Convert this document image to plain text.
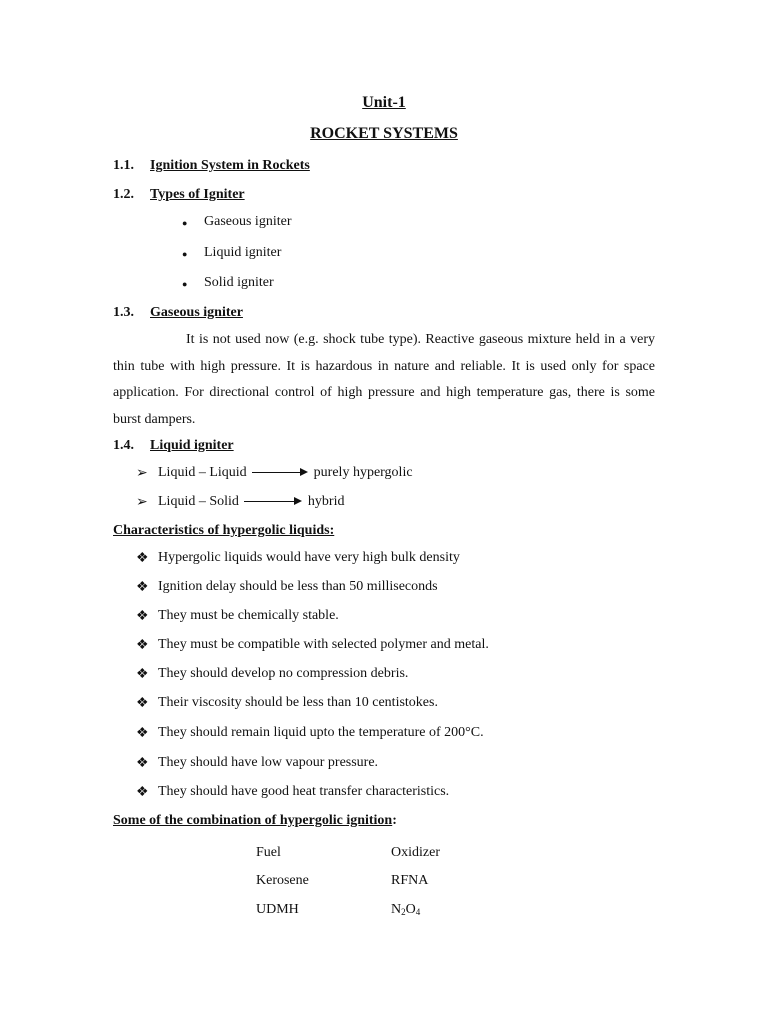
Unit-1
ROCKET SYSTEMS
1.1. Ignition System in Rockets
1.2. Types of Igniter
● Gaseous igniter
● Liquid igniter
● Solid igniter
1.3. Gaseous igniter
It is not used now (e.g. shock tube type). Reactive gaseous mixture held in a very thin tube with high pressure. It is hazardous in nature and reliable. It is used only for space application. For directional control of high pressure and high temperature gas, there is some burst dampers.
1.4. Liquid igniter
➢ Liquid – Liquid	purely hypergolic
➢ Liquid – Solid	hybrid
Characteristics of hypergolic liquids:
❖ Hypergolic liquids would have very high bulk density
❖ Ignition delay should be less than 50 milliseconds
❖ They must be chemically stable.
❖ They must be compatible with selected polymer and metal.
❖ They should develop no compression debris.
❖ Their viscosity should be less than 10 centistokes.
❖ They should remain liquid upto the temperature of 200°C.
❖ They should have low vapour pressure.
❖ They should have good heat transfer characteristics.
Some of the combination of hypergolic ignition:
Fuel	Oxidizer
Kerosene	RFNA
UDMH	$N_2O_4$
